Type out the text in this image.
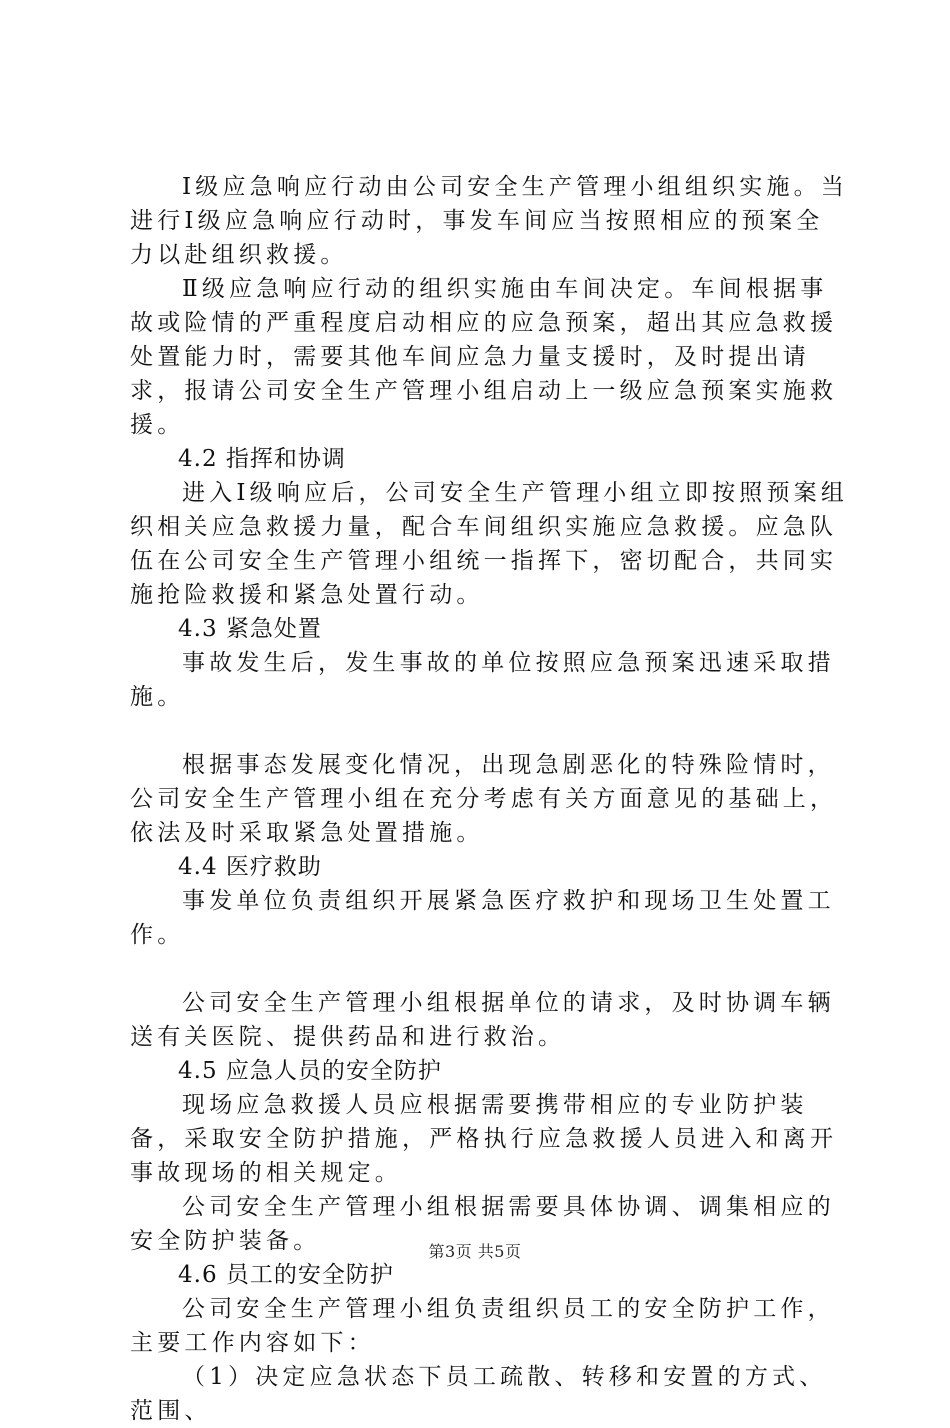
Ⅰ级应急响应行动由公司安全生产管理小组组织实施。当进行Ⅰ级应急响应行动时，事发车间应当按照相应的预案全力以赴组织救援。

Ⅱ级应急响应行动的组织实施由车间决定。车间根据事故或险情的严重程度启动相应的应急预案，超出其应急救援处置能力时，需要其他车间应急力量支援时，及时提出请求，报请公司安全生产管理小组启动上一级应急预案实施救援。

4.2 指挥和协调

进入Ⅰ级响应后，公司安全生产管理小组立即按照预案组织相关应急救援力量，配合车间组织实施应急救援。应急队伍在公司安全生产管理小组统一指挥下，密切配合，共同实施抢险救援和紧急处置行动。

4.3 紧急处置

事故发生后，发生事故的单位按照应急预案迅速采取措施。

根据事态发展变化情况，出现急剧恶化的特殊险情时，公司安全生产管理小组在充分考虑有关方面意见的基础上，依法及时采取紧急处置措施。

4.4 医疗救助

事发单位负责组织开展紧急医疗救护和现场卫生处置工作。

公司安全生产管理小组根据单位的请求，及时协调车辆送有关医院、提供药品和进行救治。

4.5 应急人员的安全防护

现场应急救援人员应根据需要携带相应的专业防护装备，采取安全防护措施，严格执行应急救援人员进入和离开事故现场的相关规定。

公司安全生产管理小组根据需要具体协调、调集相应的安全防护装备。

4.6 员工的安全防护

公司安全生产管理小组负责组织员工的安全防护工作，主要工作内容如下：

（1）决定应急状态下员工疏散、转移和安置的方式、范围、

第3页 共5页
